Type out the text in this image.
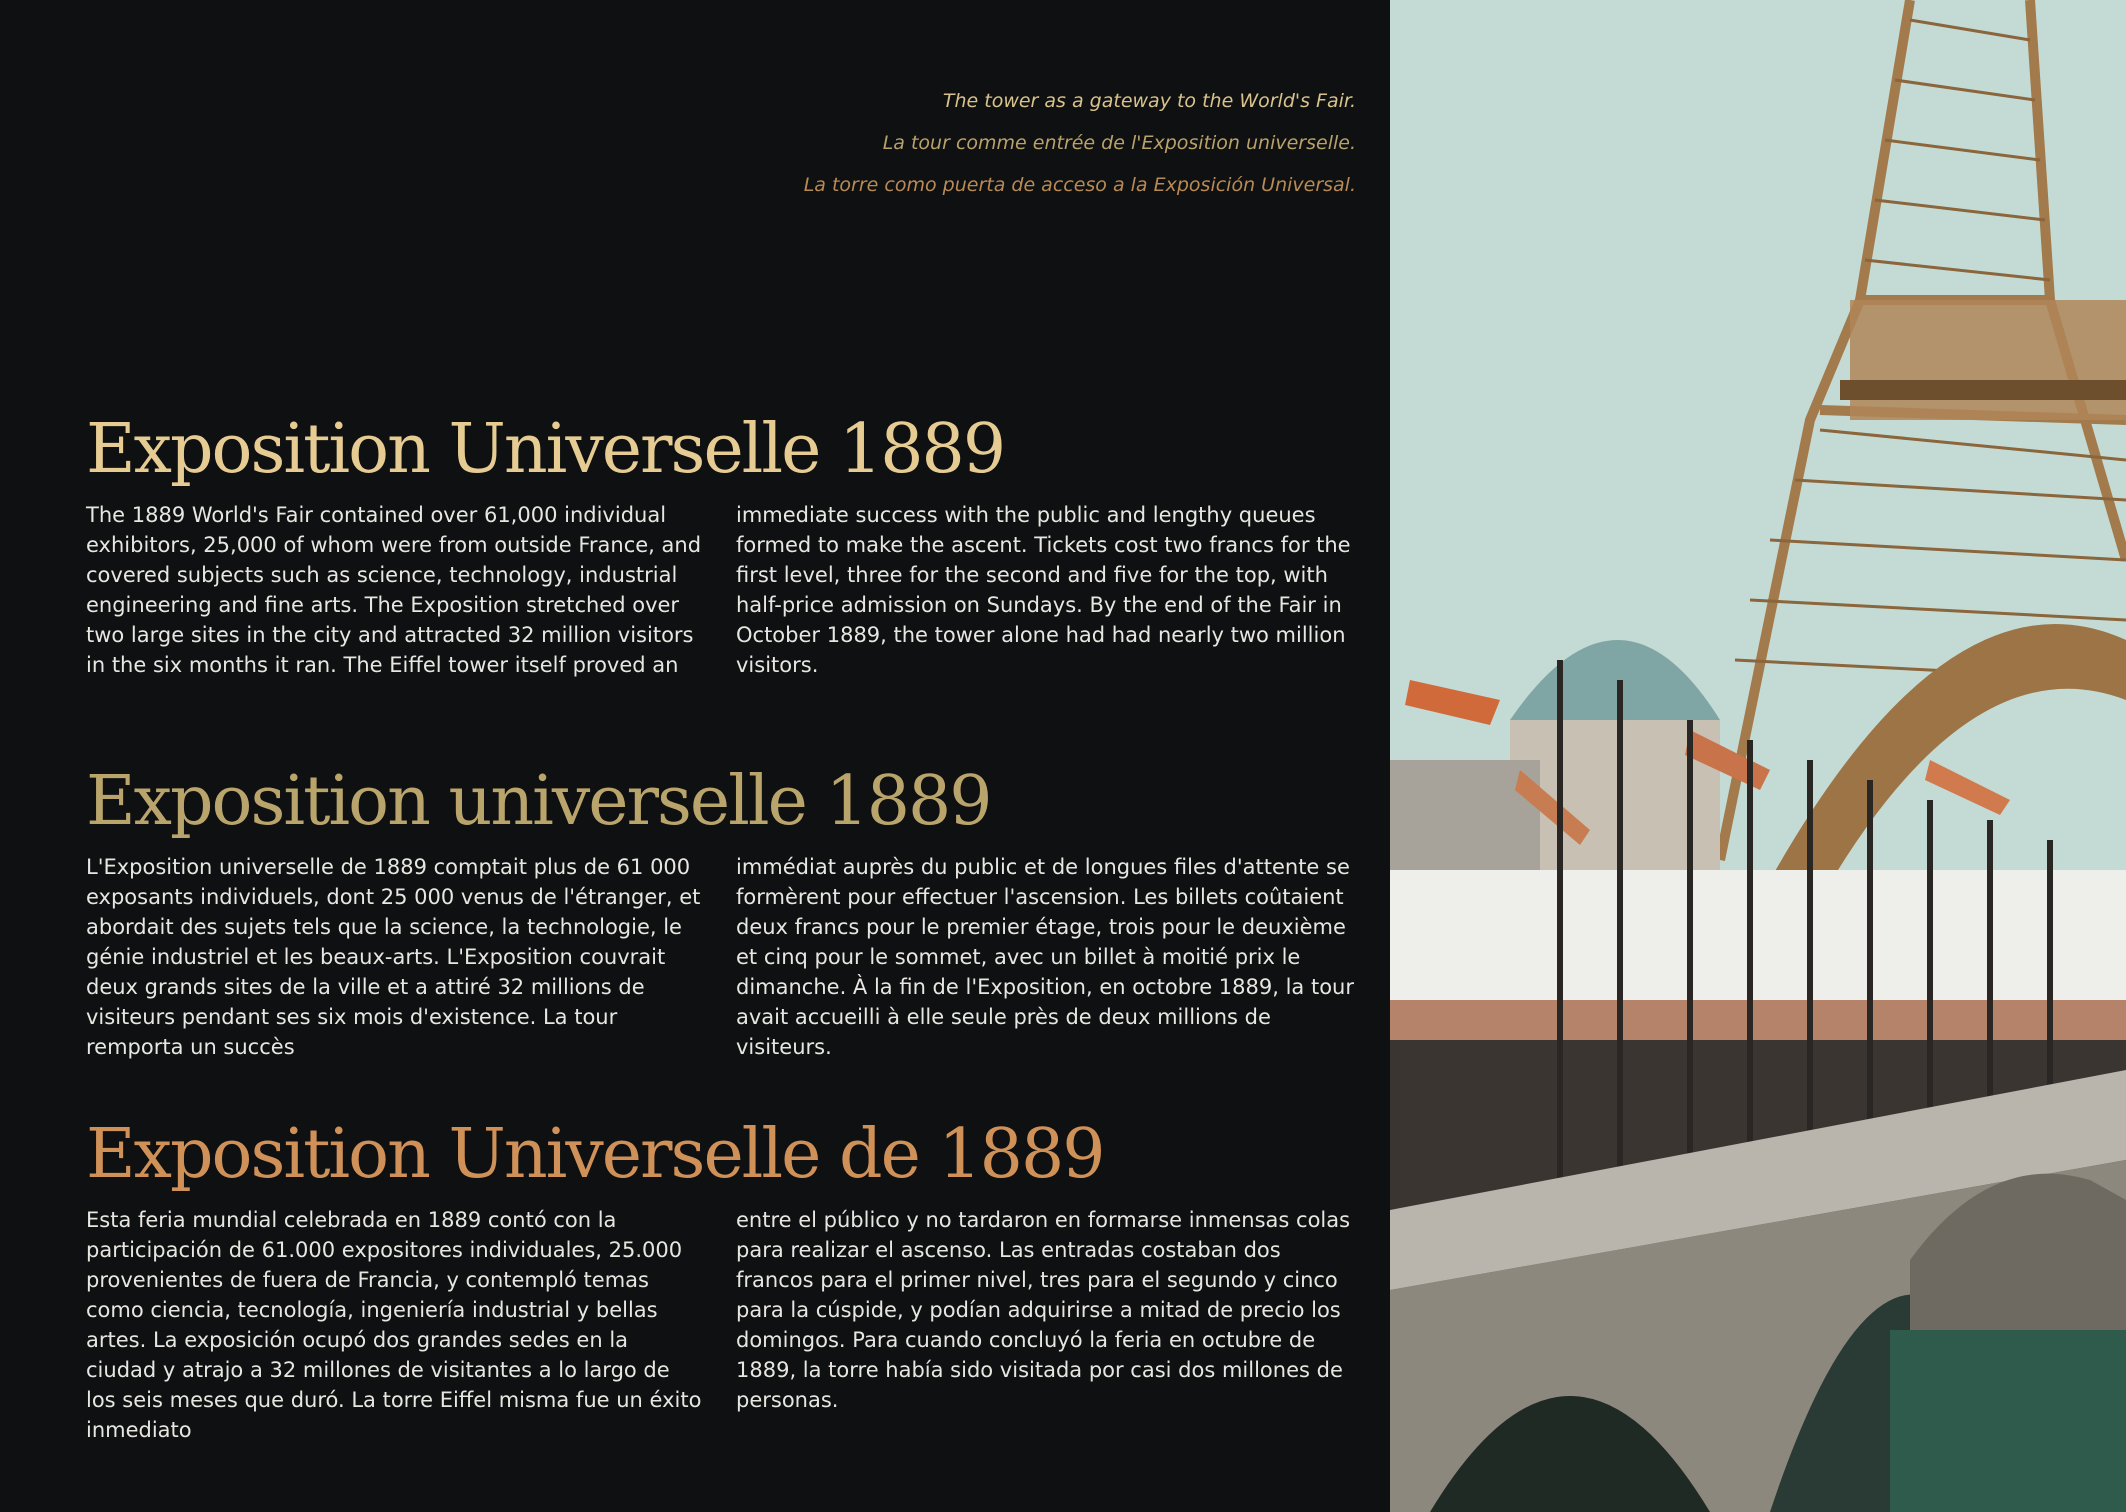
The tower as a gateway to the World's Fair.
La tour comme entrée de l'Exposition universelle.
La torre como puerta de acceso a la Exposición Universal.
Exposition Universelle 1889
The 1889 World's Fair contained over 61,000 individual exhibitors, 25,000 of whom were from outside France, and covered subjects such as science, technology, industrial engineering and fine arts. The Exposition stretched over two large sites in the city and attracted 32 million visitors in the six months it ran. The Eiffel tower itself proved an
immediate success with the public and lengthy queues formed to make the ascent. Tickets cost two francs for the first level, three for the second and five for the top, with half-price admission on Sundays. By the end of the Fair in October 1889, the tower alone had had nearly two million visitors.
Exposition universelle 1889
L'Exposition universelle de 1889 comptait plus de 61 000 exposants individuels, dont 25 000 venus de l'étranger, et abordait des sujets tels que la science, la technologie, le génie industriel et les beaux-arts. L'Exposition couvrait deux grands sites de la ville et a attiré 32 millions de visiteurs pendant ses six mois d'existence. La tour remporta un succès
immédiat auprès du public et de longues files d'attente se formèrent pour effectuer l'ascension. Les billets coûtaient deux francs pour le premier étage, trois pour le deuxième et cinq pour le sommet, avec un billet à moitié prix le dimanche. À la fin de l'Exposition, en octobre 1889, la tour avait accueilli à elle seule près de deux millions de visiteurs.
Exposition Universelle de 1889
Esta feria mundial celebrada en 1889 contó con la participación de 61.000 expositores individuales, 25.000 provenientes de fuera de Francia, y contempló temas como ciencia, tecnología, ingeniería industrial y bellas artes. La exposición ocupó dos grandes sedes en la ciudad y atrajo a 32 millones de visitantes a lo largo de los seis meses que duró. La torre Eiffel misma fue un éxito inmediato
entre el público y no tardaron en formarse inmensas colas para realizar el ascenso. Las entradas costaban dos francos para el primer nivel, tres para el segundo y cinco para la cúspide, y podían adquirirse a mitad de precio los domingos. Para cuando concluyó la feria en octubre de 1889, la torre había sido visitada por casi dos millones de personas.
